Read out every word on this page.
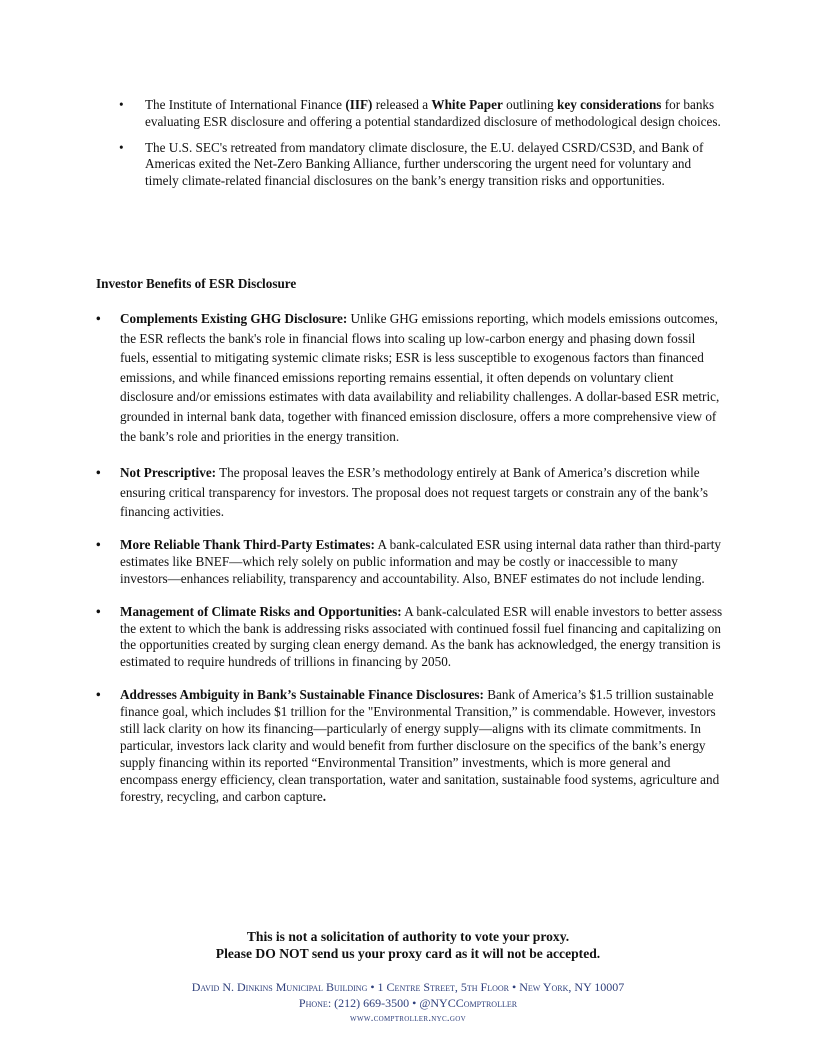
• The Institute of International Finance (IIF) released a White Paper outlining key considerations for banks evaluating ESR disclosure and offering a potential standardized disclosure of methodological design choices.
• The U.S. SEC's retreated from mandatory climate disclosure, the E.U. delayed CSRD/CS3D, and Bank of Americas exited the Net-Zero Banking Alliance, further underscoring the urgent need for voluntary and timely climate-related financial disclosures on the bank’s energy transition risks and opportunities.
Investor Benefits of ESR Disclosure
• Complements Existing GHG Disclosure: Unlike GHG emissions reporting, which models emissions outcomes, the ESR reflects the bank's role in financial flows into scaling up low-carbon energy and phasing down fossil fuels, essential to mitigating systemic climate risks; ESR is less susceptible to exogenous factors than financed emissions, and while financed emissions reporting remains essential, it often depends on voluntary client disclosure and/or emissions estimates with data availability and reliability challenges. A dollar-based ESR metric, grounded in internal bank data, together with financed emission disclosure, offers a more comprehensive view of the bank’s role and priorities in the energy transition.
• Not Prescriptive: The proposal leaves the ESR’s methodology entirely at Bank of America’s discretion while ensuring critical transparency for investors. The proposal does not request targets or constrain any of the bank’s financing activities.
• More Reliable Thank Third-Party Estimates: A bank-calculated ESR using internal data rather than third-party estimates like BNEF—which rely solely on public information and may be costly or inaccessible to many investors—enhances reliability, transparency and accountability. Also, BNEF estimates do not include lending.
• Management of Climate Risks and Opportunities: A bank-calculated ESR will enable investors to better assess the extent to which the bank is addressing risks associated with continued fossil fuel financing and capitalizing on the opportunities created by surging clean energy demand. As the bank has acknowledged, the energy transition is estimated to require hundreds of trillions in financing by 2050.
• Addresses Ambiguity in Bank’s Sustainable Finance Disclosures: Bank of America’s $1.5 trillion sustainable finance goal, which includes $1 trillion for the "Environmental Transition,” is commendable. However, investors still lack clarity on how its financing—particularly of energy supply—aligns with its climate commitments. In particular, investors lack clarity and would benefit from further disclosure on the specifics of the bank’s energy supply financing within its reported “Environmental Transition” investments, which is more general and encompass energy efficiency, clean transportation, water and sanitation, sustainable food systems, agriculture and forestry, recycling, and carbon capture.
This is not a solicitation of authority to vote your proxy.
Please DO NOT send us your proxy card as it will not be accepted.
David N. Dinkins Municipal Building • 1 Centre Street, 5th Floor • New York, NY 10007
Phone: (212) 669-3500 • @NYCComptroller
www.comptroller.nyc.gov
